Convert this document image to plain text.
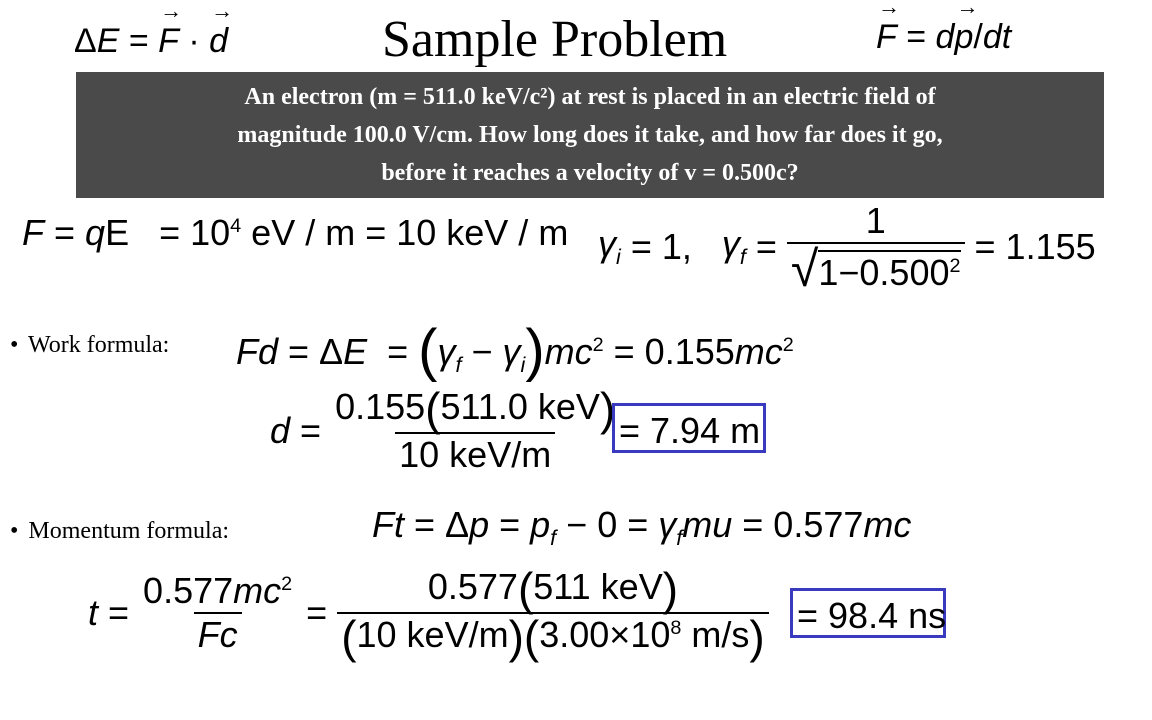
Sample Problem
ΔE = → F · → d
→	F = d→ p/dt
An electron (m = 511.0 keV/c²) at rest is placed in an electric field of
magnitude 100.0 V/cm. How long does it take, and how far does it go,
before it reaches a velocity of v = 0.500c?
F = qE   = $10^4$ eV / m = 10 keV / m $\gamma_i = 1$, $\gamma_f = \frac{1}{√ 1-0.500^2} = 1.155$
• Work formula: $Fd = \Delta E = (\gamma_f - \gamma_i)mc^2 = 0.155mc^2$
$d = \frac{\text{0.155(511.0 keV)}}{\text{10 keV/m}} = 7.94$ m
• Momentum formula:	$Ft = \Delta p = p_f - 0 = \gamma_fmu = 0.577mc$
$t = \frac{0.577mc^2}{Fc} = \frac{\text{0.577(511 keV)}}{(10 keV/m)(3.00\times 10^8 m/s)} = 98.4$ ns
